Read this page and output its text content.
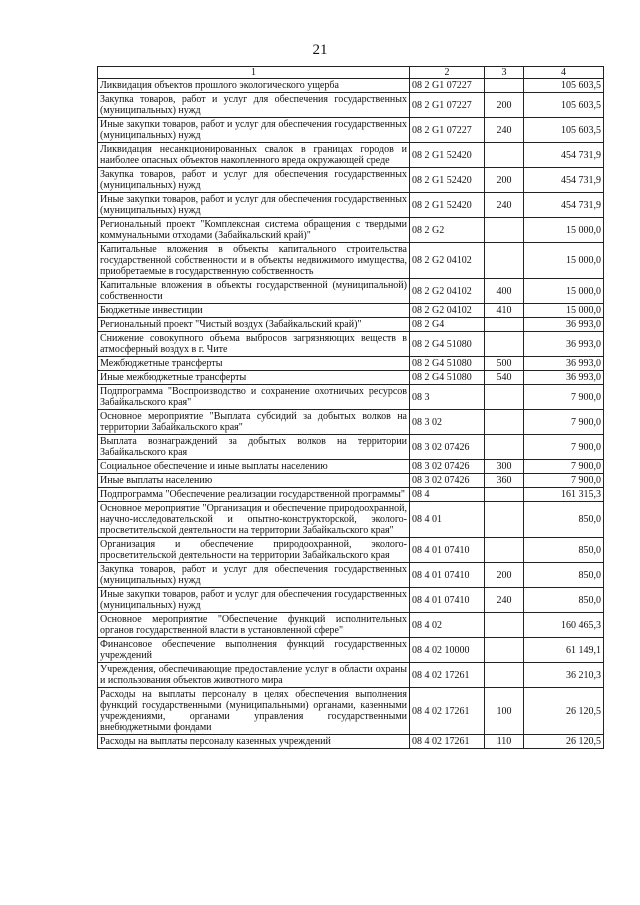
21
1	2	3	4
Ликвидация объектов прошлого экологического ущерба	08 2 G1 07227		105 603,5
Закупка товаров, работ и услуг для обеспечения государственных (муниципальных) нужд	08 2 G1 07227	200	105 603,5
Иные закупки товаров, работ и услуг для обеспечения государственных (муниципальных) нужд	08 2 G1 07227	240	105 603,5
Ликвидация несанкционированных свалок в границах городов и наиболее опасных объектов накопленного вреда окружающей среде	08 2 G1 52420		454 731,9
Закупка товаров, работ и услуг для обеспечения государственных (муниципальных) нужд	08 2 G1 52420	200	454 731,9
Иные закупки товаров, работ и услуг для обеспечения государственных (муниципальных) нужд	08 2 G1 52420	240	454 731,9
Региональный проект "Комплексная система обращения с твердыми коммунальными отходами (Забайкальский край)"	08 2 G2		15 000,0
Капитальные вложения в объекты капитального строительства государственной собственности и в объекты недвижимого имущества, приобретаемые в государственную собственность	08 2 G2 04102		15 000,0
Капитальные вложения в объекты государственной (муниципальной) собственности	08 2 G2 04102	400	15 000,0
Бюджетные инвестиции	08 2 G2 04102	410	15 000,0
Региональный проект "Чистый воздух (Забайкальский край)"	08 2 G4		36 993,0
Снижение совокупного объема выбросов загрязняющих веществ в атмосферный воздух в г. Чите	08 2 G4 51080		36 993,0
Межбюджетные трансферты	08 2 G4 51080	500	36 993,0
Иные межбюджетные трансферты	08 2 G4 51080	540	36 993,0
Подпрограмма "Воспроизводство и сохранение охотничьих ресурсов Забайкальского края"	08 3		7 900,0
Основное мероприятие "Выплата субсидий за добытых волков на территории Забайкальского края"	08 3 02		7 900,0
Выплата вознаграждений за добытых волков на территории Забайкальского края	08 3 02 07426		7 900,0
Социальное обеспечение и иные выплаты населению	08 3 02 07426	300	7 900,0
Иные выплаты населению	08 3 02 07426	360	7 900,0
Подпрограмма "Обеспечение реализации государственной программы"	08 4		161 315,3
Основное мероприятие "Организация и обеспечение природоохранной, научно-исследовательской и опытно-конструкторской, эколого-просветительской деятельности на территории Забайкальского края"	08 4 01		850,0
Организация и обеспечение природоохранной, эколого-просветительской деятельности на территории Забайкальского края	08 4 01 07410		850,0
Закупка товаров, работ и услуг для обеспечения государственных (муниципальных) нужд	08 4 01 07410	200	850,0
Иные закупки товаров, работ и услуг для обеспечения государственных (муниципальных) нужд	08 4 01 07410	240	850,0
Основное мероприятие "Обеспечение функций исполнительных органов государственной власти в установленной сфере"	08 4 02		160 465,3
Финансовое обеспечение выполнения функций государственных учреждений	08 4 02 10000		61 149,1
Учреждения, обеспечивающие предоставление услуг в области охраны и использования объектов животного мира	08 4 02 17261		36 210,3
Расходы на выплаты персоналу в целях обеспечения выполнения функций государственными (муниципальными) органами, казенными учреждениями, органами управления государственными внебюджетными фондами	08 4 02 17261	100	26 120,5
Расходы на выплаты персоналу казенных учреждений	08 4 02 17261	110	26 120,5
